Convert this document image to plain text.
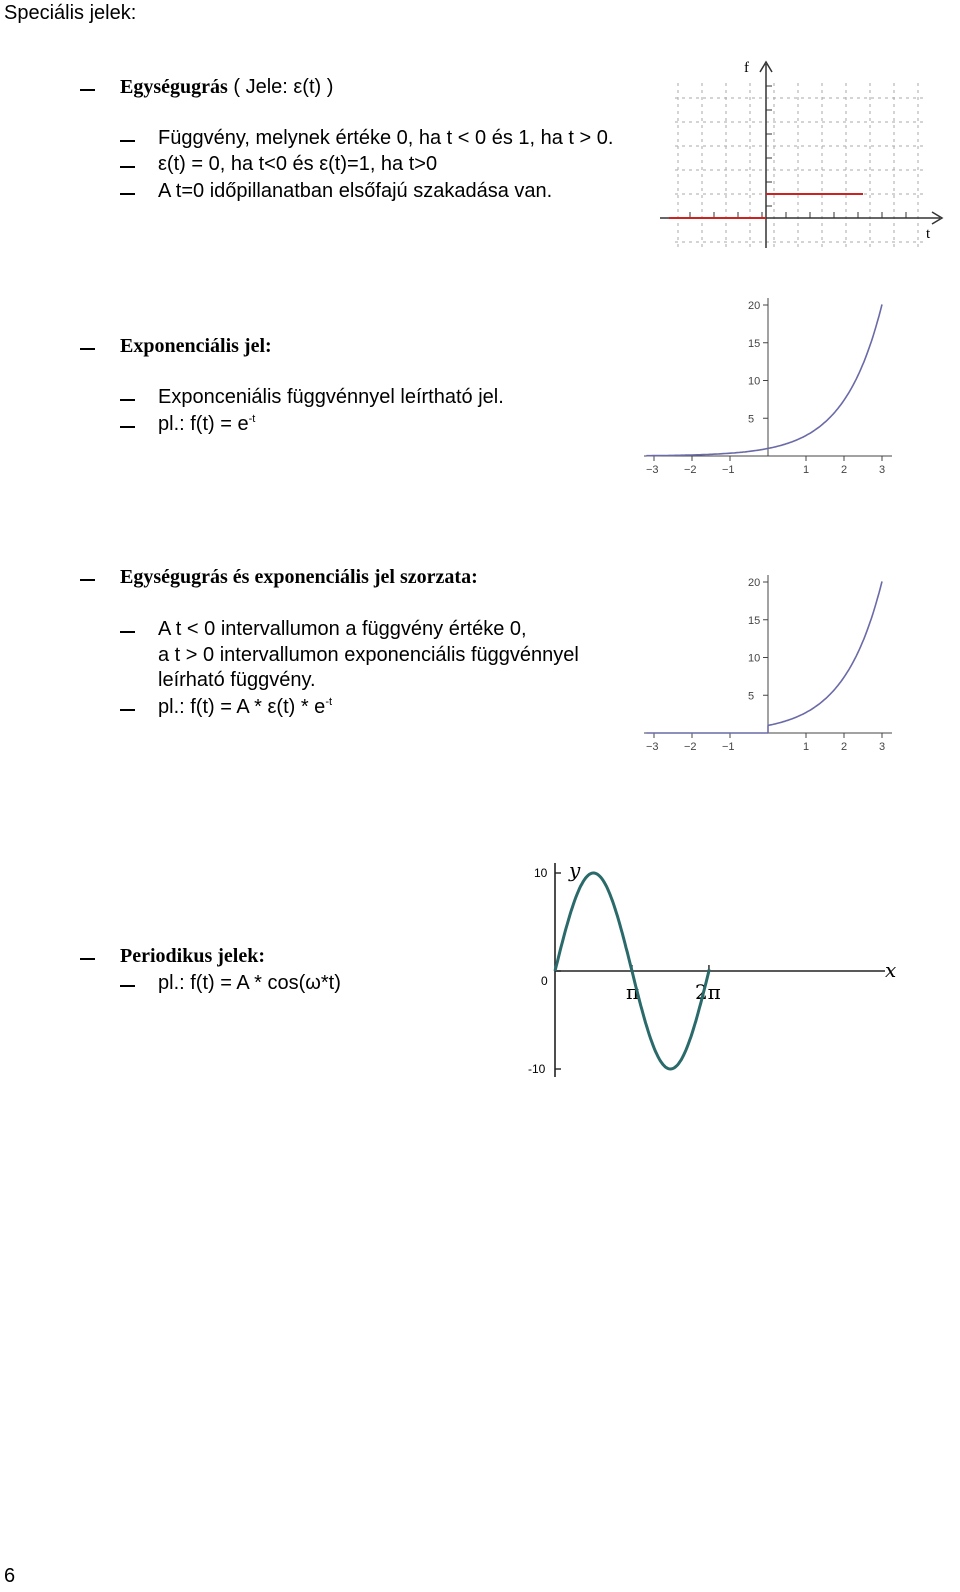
Speciális jelek:
Egységugrás ( Jele: ε(t) )
Függvény, melynek értéke 0, ha t < 0 és 1, ha t > 0.
ε(t) = 0, ha t<0 és ε(t)=1, ha t>0
A t=0 időpillanatban elsőfajú szakadása van.
f
t
Exponenciális jel:
Exponceniális függvénnyel leírtható jel.
pl.: $f(t) = e^{-t}$
−3 −2 −1	1	2	3
5
10
15
20
Egységugrás és exponenciális jel szorzata:
A t < 0 intervallumon a függvény értéke 0,
a t > 0 intervallumon exponenciális függvénnyel
leírható függvény.
pl.: $f(t) = A * \varepsilon(t) * e^{-t}$
−3 −2 −1	1	2	3
5
10
15
20
Periodikus jelek:
pl.: f(t) = A * cos(ω*t)
10
0
-10
π	2π
y
x
6
